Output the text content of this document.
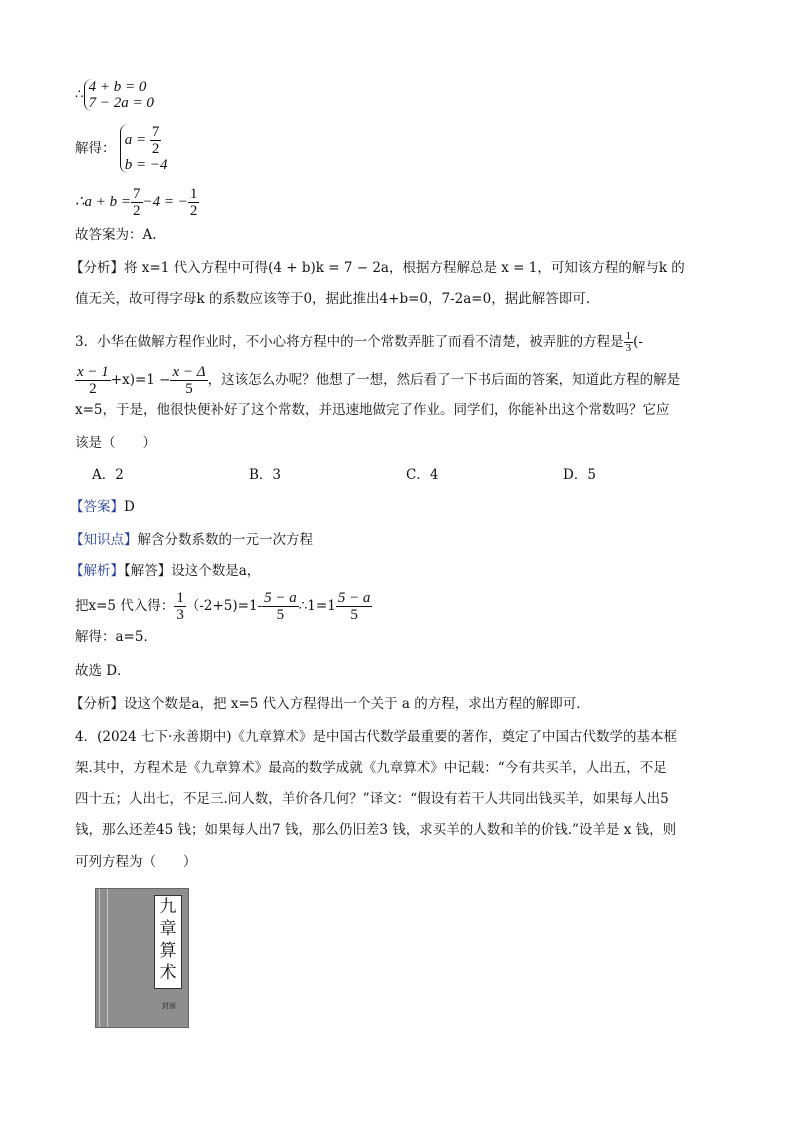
∴ 4 + b = 0
7 − 2a = 0
解得： $a = \frac{7}{2}$

b = −4
∴a + $b = \frac{7}{2} -4$ = − $\frac{1}{2}$
故答案为：A.
【分析】将 x=1 代入方程中可得(4 + b)k = 7 − 2a，根据方程解总是 x = 1，可知该方程的解与k 的
值无关，故可得字母k 的系数应该等于0，据此推出4+b=0，7-2a=0，据此解答即可.
3．小华在做解方程作业时，不小心将方程中的一个常数弄脏了而看不清楚，被弄脏的方程是 $\frac{1}{3}$ (-
$\frac{x - 1}{2} +x)=1 - \frac{x - \Delta}{5}$ ，这该怎么办呢？他想了一想，然后看了一下书后面的答案，知道此方程的解是
x=5，于是，他很快便补好了这个常数，并迅速地做完了作业。同学们，你能补出这个常数吗？它应
该是（　　）
A．2	B．3	C．4	D．5
【答案】D
【知识点】解含分数系数的一元一次方程
【解析】【解答】设这个数是a，
把x=5 代入得： $\frac{1}{3} (-2+5)=1- \frac{5 - a}{5}$ ∴1=1 $\frac{5 - a}{5}$
解得：a=5．
故选 D．
【分析】设这个数是a，把 x=5 代入方程得出一个关于 a 的方程，求出方程的解即可．
4．(2024 七下·永善期中)《九章算术》是中国古代数学最重要的著作，奠定了中国古代数学的基本框
架.其中，方程术是《九章算术》最高的数学成就《九章算术》中记载：“今有共买羊，人出五，不足
四十五；人出七，不足三.问人数，羊价各几何？”译文：“假设有若干人共同出钱买羊，如果每人出5
钱，那么还差45 钱；如果每人出7 钱，那么仍旧差3 钱，求买羊的人数和羊的价钱.”设羊是 x 钱，则
可列方程为（　　）
九
章
算
术
封面
